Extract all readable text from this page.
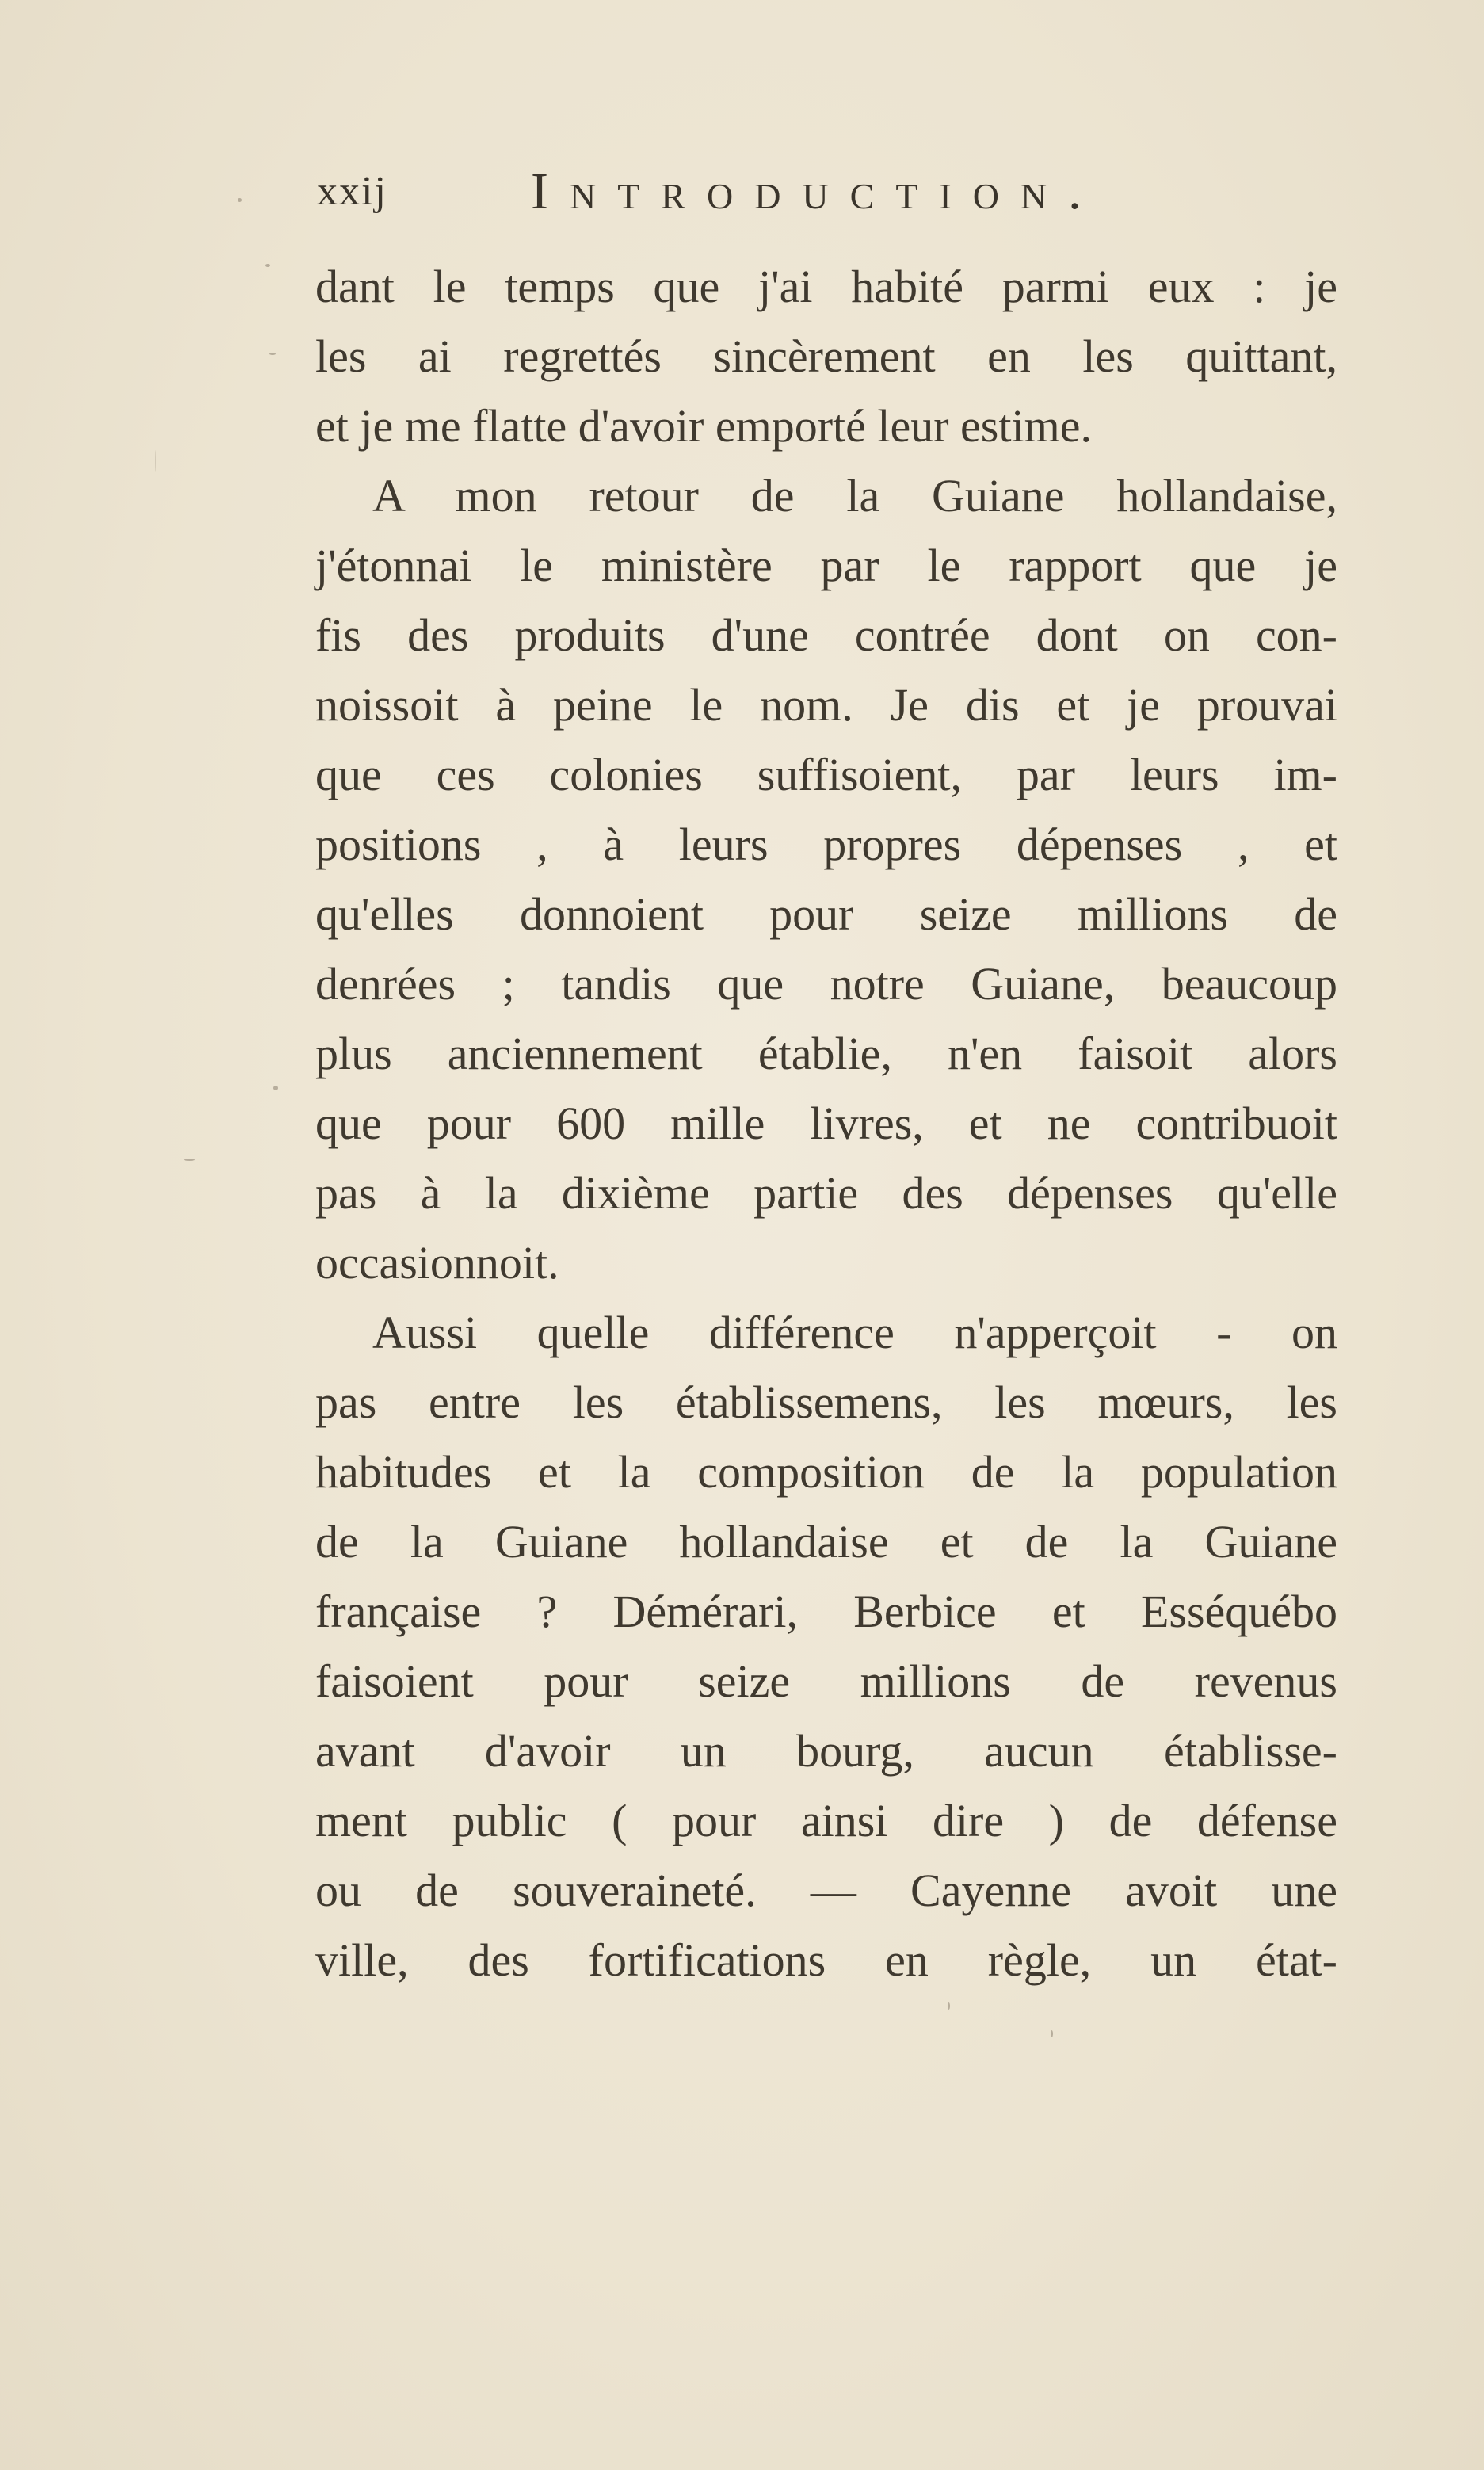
xxij	introduction.
dant le temps que j'ai habité parmi eux : je
les ai regrettés sincèrement en les quittant,
et je me flatte d'avoir emporté leur estime.
A mon retour de la Guiane hollandaise,
j'étonnai le ministère par le rapport que je
fis des produits d'une contrée dont on con-
noissoit à peine le nom. Je dis et je prouvai
que ces colonies suffisoient, par leurs im-
positions , à leurs propres dépenses , et
qu'elles donnoient pour seize millions de
denrées ; tandis que notre Guiane, beaucoup
plus anciennement établie, n'en faisoit alors
que pour 600 mille livres, et ne contribuoit
pas à la dixième partie des dépenses qu'elle
occasionnoit.
Aussi quelle différence n'apperçoit - on
pas entre les établissemens, les mœurs, les
habitudes et la composition de la population
de la Guiane hollandaise et de la Guiane
française ? Démérari, Berbice et Esséquébo
faisoient pour seize millions de revenus
avant d'avoir un bourg, aucun établisse-
ment public ( pour ainsi dire ) de défense
ou de souveraineté. — Cayenne avoit une
ville, des fortifications en règle, un état-
